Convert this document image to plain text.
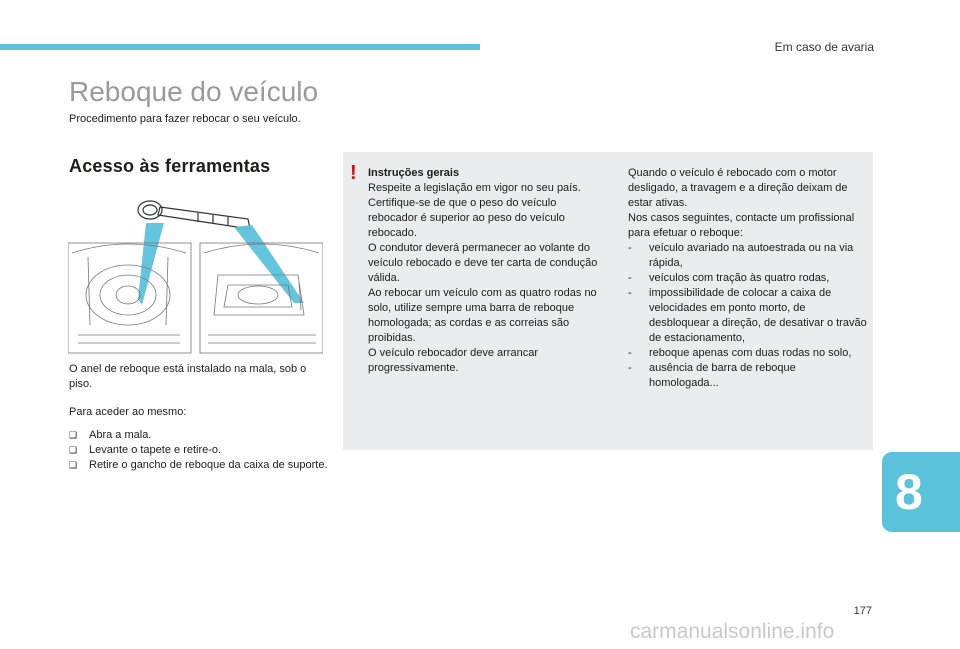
Em caso de avaria
Reboque do veículo
Procedimento para fazer rebocar o seu veículo.
Acesso às ferramentas

O anel de reboque está instalado na mala, sob o piso.

Para aceder ao mesmo:

❑ Abra a mala.
❑ Levante o tapete e retire-o.
❑ Retire o gancho de reboque da caixa de suporte.
! Instruções gerais

Respeite a legislação em vigor no seu país.

Certifique-se de que o peso do veículo rebocador é superior ao peso do veículo rebocado.

O condutor deverá permanecer ao volante do veículo rebocado e deve ter carta de condução válida.

Ao rebocar um veículo com as quatro rodas no solo, utilize sempre uma barra de reboque homologada; as cordas e as correias são proibidas.

O veículo rebocador deve arrancar progressivamente.

Quando o veículo é rebocado com o motor desligado, a travagem e a direção deixam de estar ativas.

Nos casos seguintes, contacte um profissional para efetuar o reboque:

- veículo avariado na autoestrada ou na via rápida,
- veículos com tração às quatro rodas,
- impossibilidade de colocar a caixa de velocidades em ponto morto, de desbloquear a direção, de desativar o travão de estacionamento,
- reboque apenas com duas rodas no solo,
- ausência de barra de reboque homologada...
8
177
carmanualsonline.info
